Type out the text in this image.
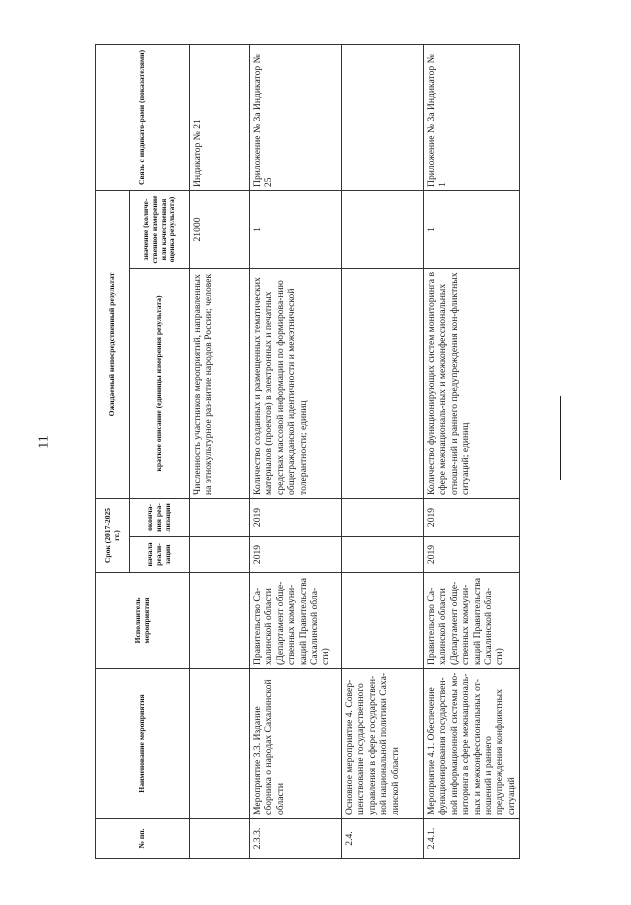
11
№ пп.	Наименование мероприятия	Исполнитель мероприятия	Срок (2017-2025 гг.)		Ожидаемый непосредственный результат		Связь с индикато-рами (показателями)
			начала реали-зации	оконча-ния реа-лизации	краткое описание (единицы измерения результата)	значение (количе-ственное измерение или качественная оценка результата)	
					Численность участников мероприятий, направленных на этнокультурное раз-витие народов России; человек	21000	Индикатор № 21
2.3.3.	Мероприятие 3.3. Издание сборника о народах Сахалинской области	Правительство Са-халинской области (Департамент обще-ственных коммуни-каций Правительства Сахалинской обла-сти)	2019	2019	Количество созданных и размещенных тематических материалов (проектов) в электронных и печатных средствах массовой информации по формирова-нию общегражданской идентичности и межэтнической толерантности; единиц	1	Приложение № 3а Индикатор № 25
2.4.	Основное мероприятие 4. Совер-шенствование государственного управления в сфере государствен-ной национальной политики Саха-линской области						
2.4.1.	Мероприятие 4.1. Обеспечение функционирования государствен-ной информационной системы мо-ниторинга в сфере межнациональ-ных и межконфессиональных от-ношений и раннего предупреждения конфликтных ситуаций	Правительство Са-халинской области (Департамент обще-ственных коммуни-каций Правительства Сахалинской обла-сти)	2019	2019	Количество функционирующих систем мониторинга в сфере межнациональ-ных и межконфессиональных отноше-ний и раннего предупреждения кон-фликтных ситуаций; единиц	1	Приложение № 3а Индикатор № 1
